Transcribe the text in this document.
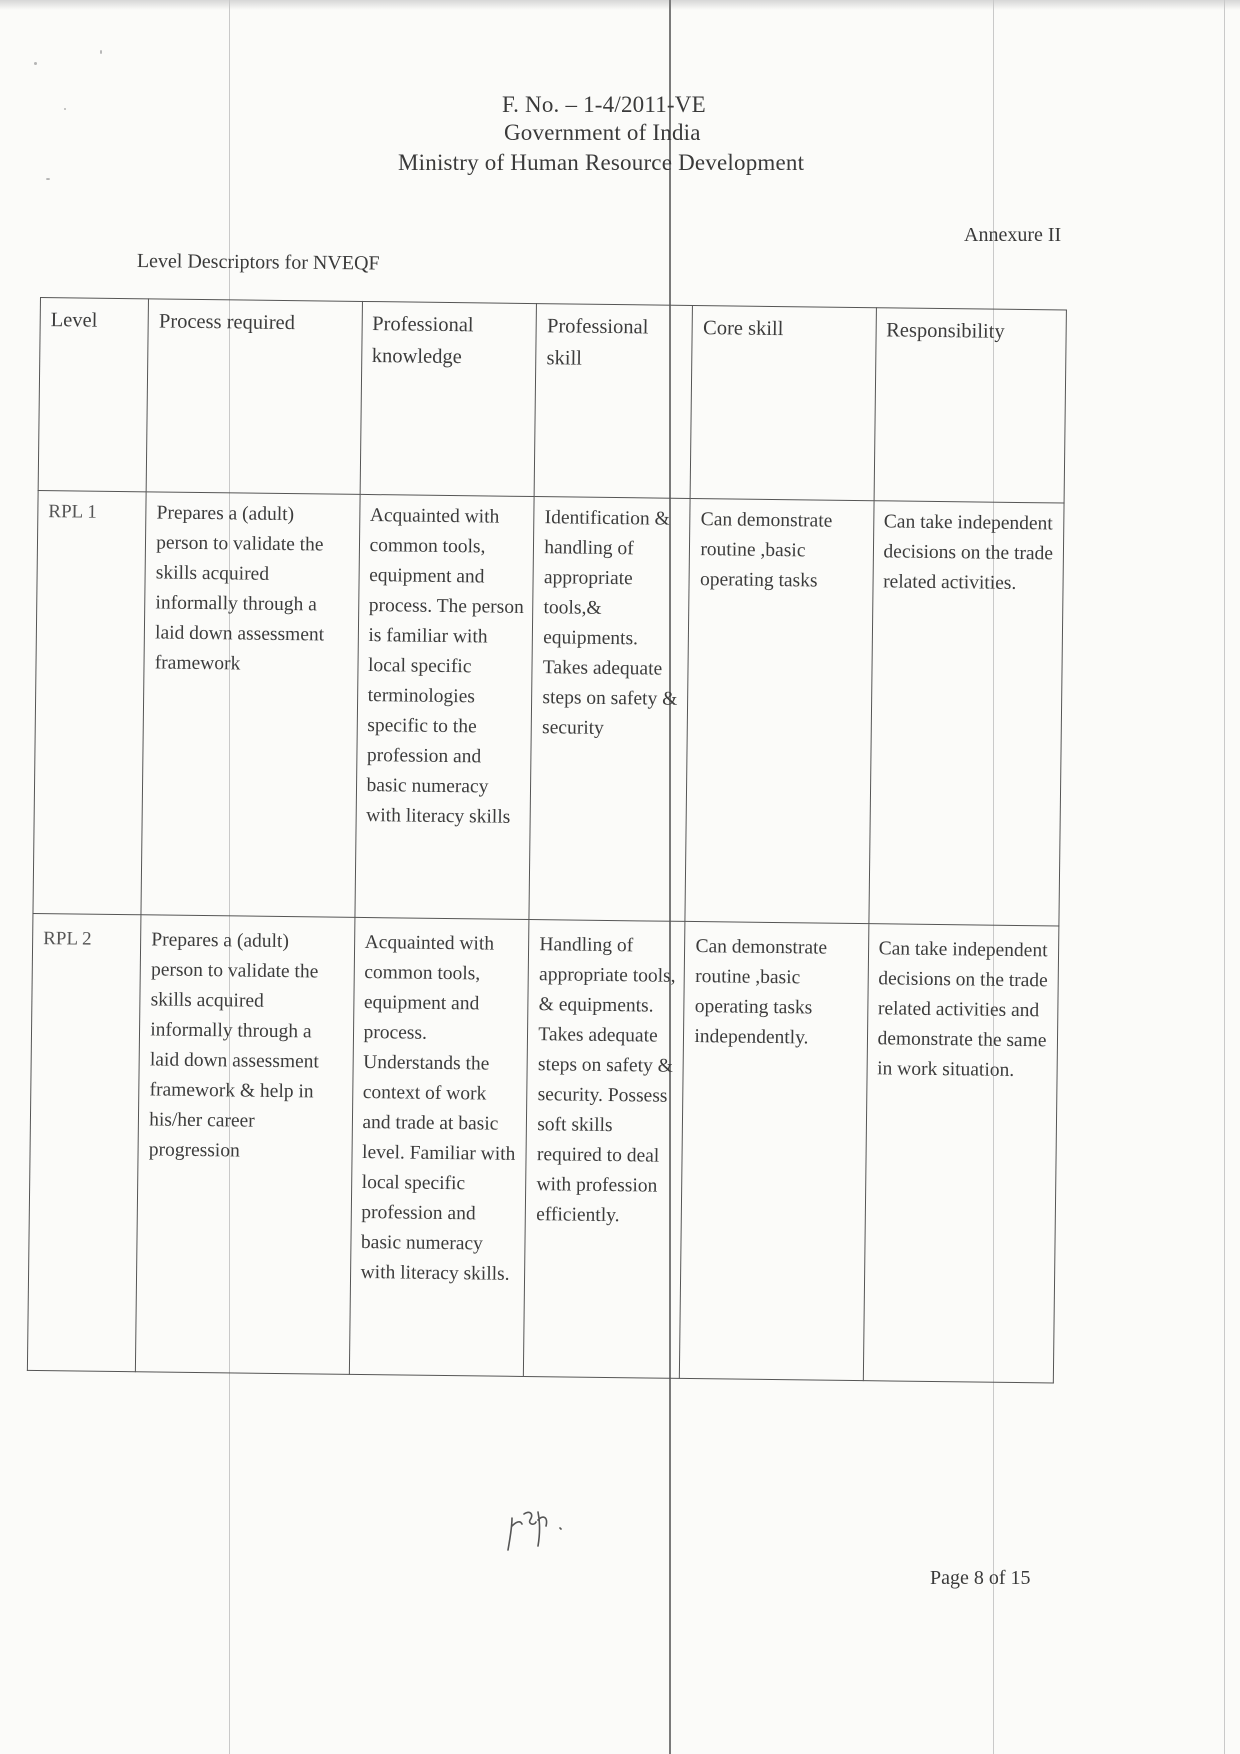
F. No. – 1-4/2011-VE
Government of India
Ministry of Human Resource Development
Annexure II
Level Descriptors for NVEQF
Level	Process required	Professional knowledge	Professional skill	Core skill	Responsibility
RPL 1	Prepares a (adult) person to validate the skills acquired informally through a laid down assessment framework	Acquainted with common tools, equipment and process. The person is familiar with local specific terminologies specific to the profession and basic numeracy with literacy skills	Identification & handling of appropriate tools,& equipments. Takes adequate steps on safety & security	Can demonstrate routine ,basic operating tasks	Can take independent decisions on the trade related activities.
RPL 2	Prepares a (adult) person to validate the skills acquired informally through a laid down assessment framework & help in his/her career progression	Acquainted with common tools, equipment and process. Understands the context of work and trade at basic level. Familiar with local specific profession and basic numeracy with literacy skills.	Handling of appropriate tools, & equipments. Takes adequate steps on safety & security. Possess soft skills required to deal with profession efficiently.	Can demonstrate routine ,basic operating tasks independently.	Can take independent decisions on the trade related activities and demonstrate the same in work situation.
Page 8 of 15
